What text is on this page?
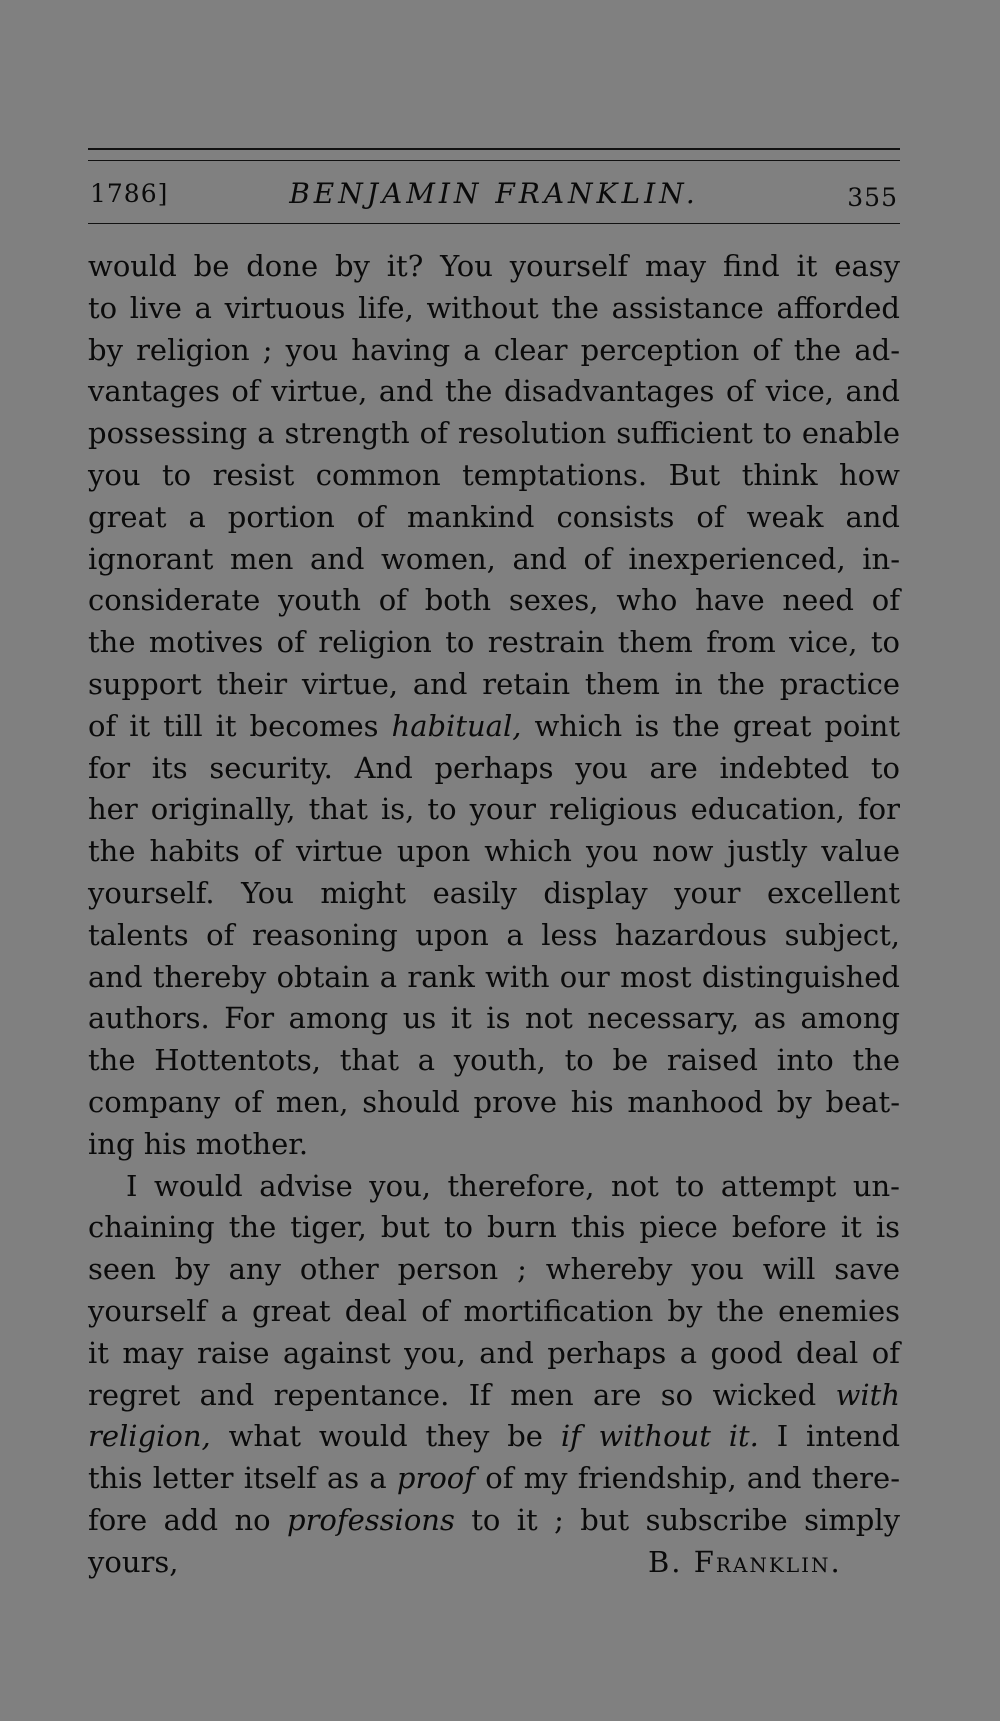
1786]	BENJAMIN FRANKLIN.	355
would be done by it? You yourself may find it easy
to live a virtuous life, without the assistance afforded
by religion ; you having a clear perception of the ad-
vantages of virtue, and the disadvantages of vice, and
possessing a strength of resolution sufficient to enable
you to resist common temptations. But think how
great a portion of mankind consists of weak and
ignorant men and women, and of inexperienced, in-
considerate youth of both sexes, who have need of
the motives of religion to restrain them from vice, to
support their virtue, and retain them in the practice
of it till it becomes habitual, which is the great point
for its security. And perhaps you are indebted to
her originally, that is, to your religious education, for
the habits of virtue upon which you now justly value
yourself. You might easily display your excellent
talents of reasoning upon a less hazardous subject,
and thereby obtain a rank with our most distinguished
authors. For among us it is not necessary, as among
the Hottentots, that a youth, to be raised into the
company of men, should prove his manhood by beat-
ing his mother.
I would advise you, therefore, not to attempt un-
chaining the tiger, but to burn this piece before it is
seen by any other person ; whereby you will save
yourself a great deal of mortification by the enemies
it may raise against you, and perhaps a good deal of
regret and repentance. If men are so wicked with
religion, what would they be if without it. I intend
this letter itself as a proof of my friendship, and there-
fore add no professions to it ; but subscribe simply
yours,	B. Franklin.
